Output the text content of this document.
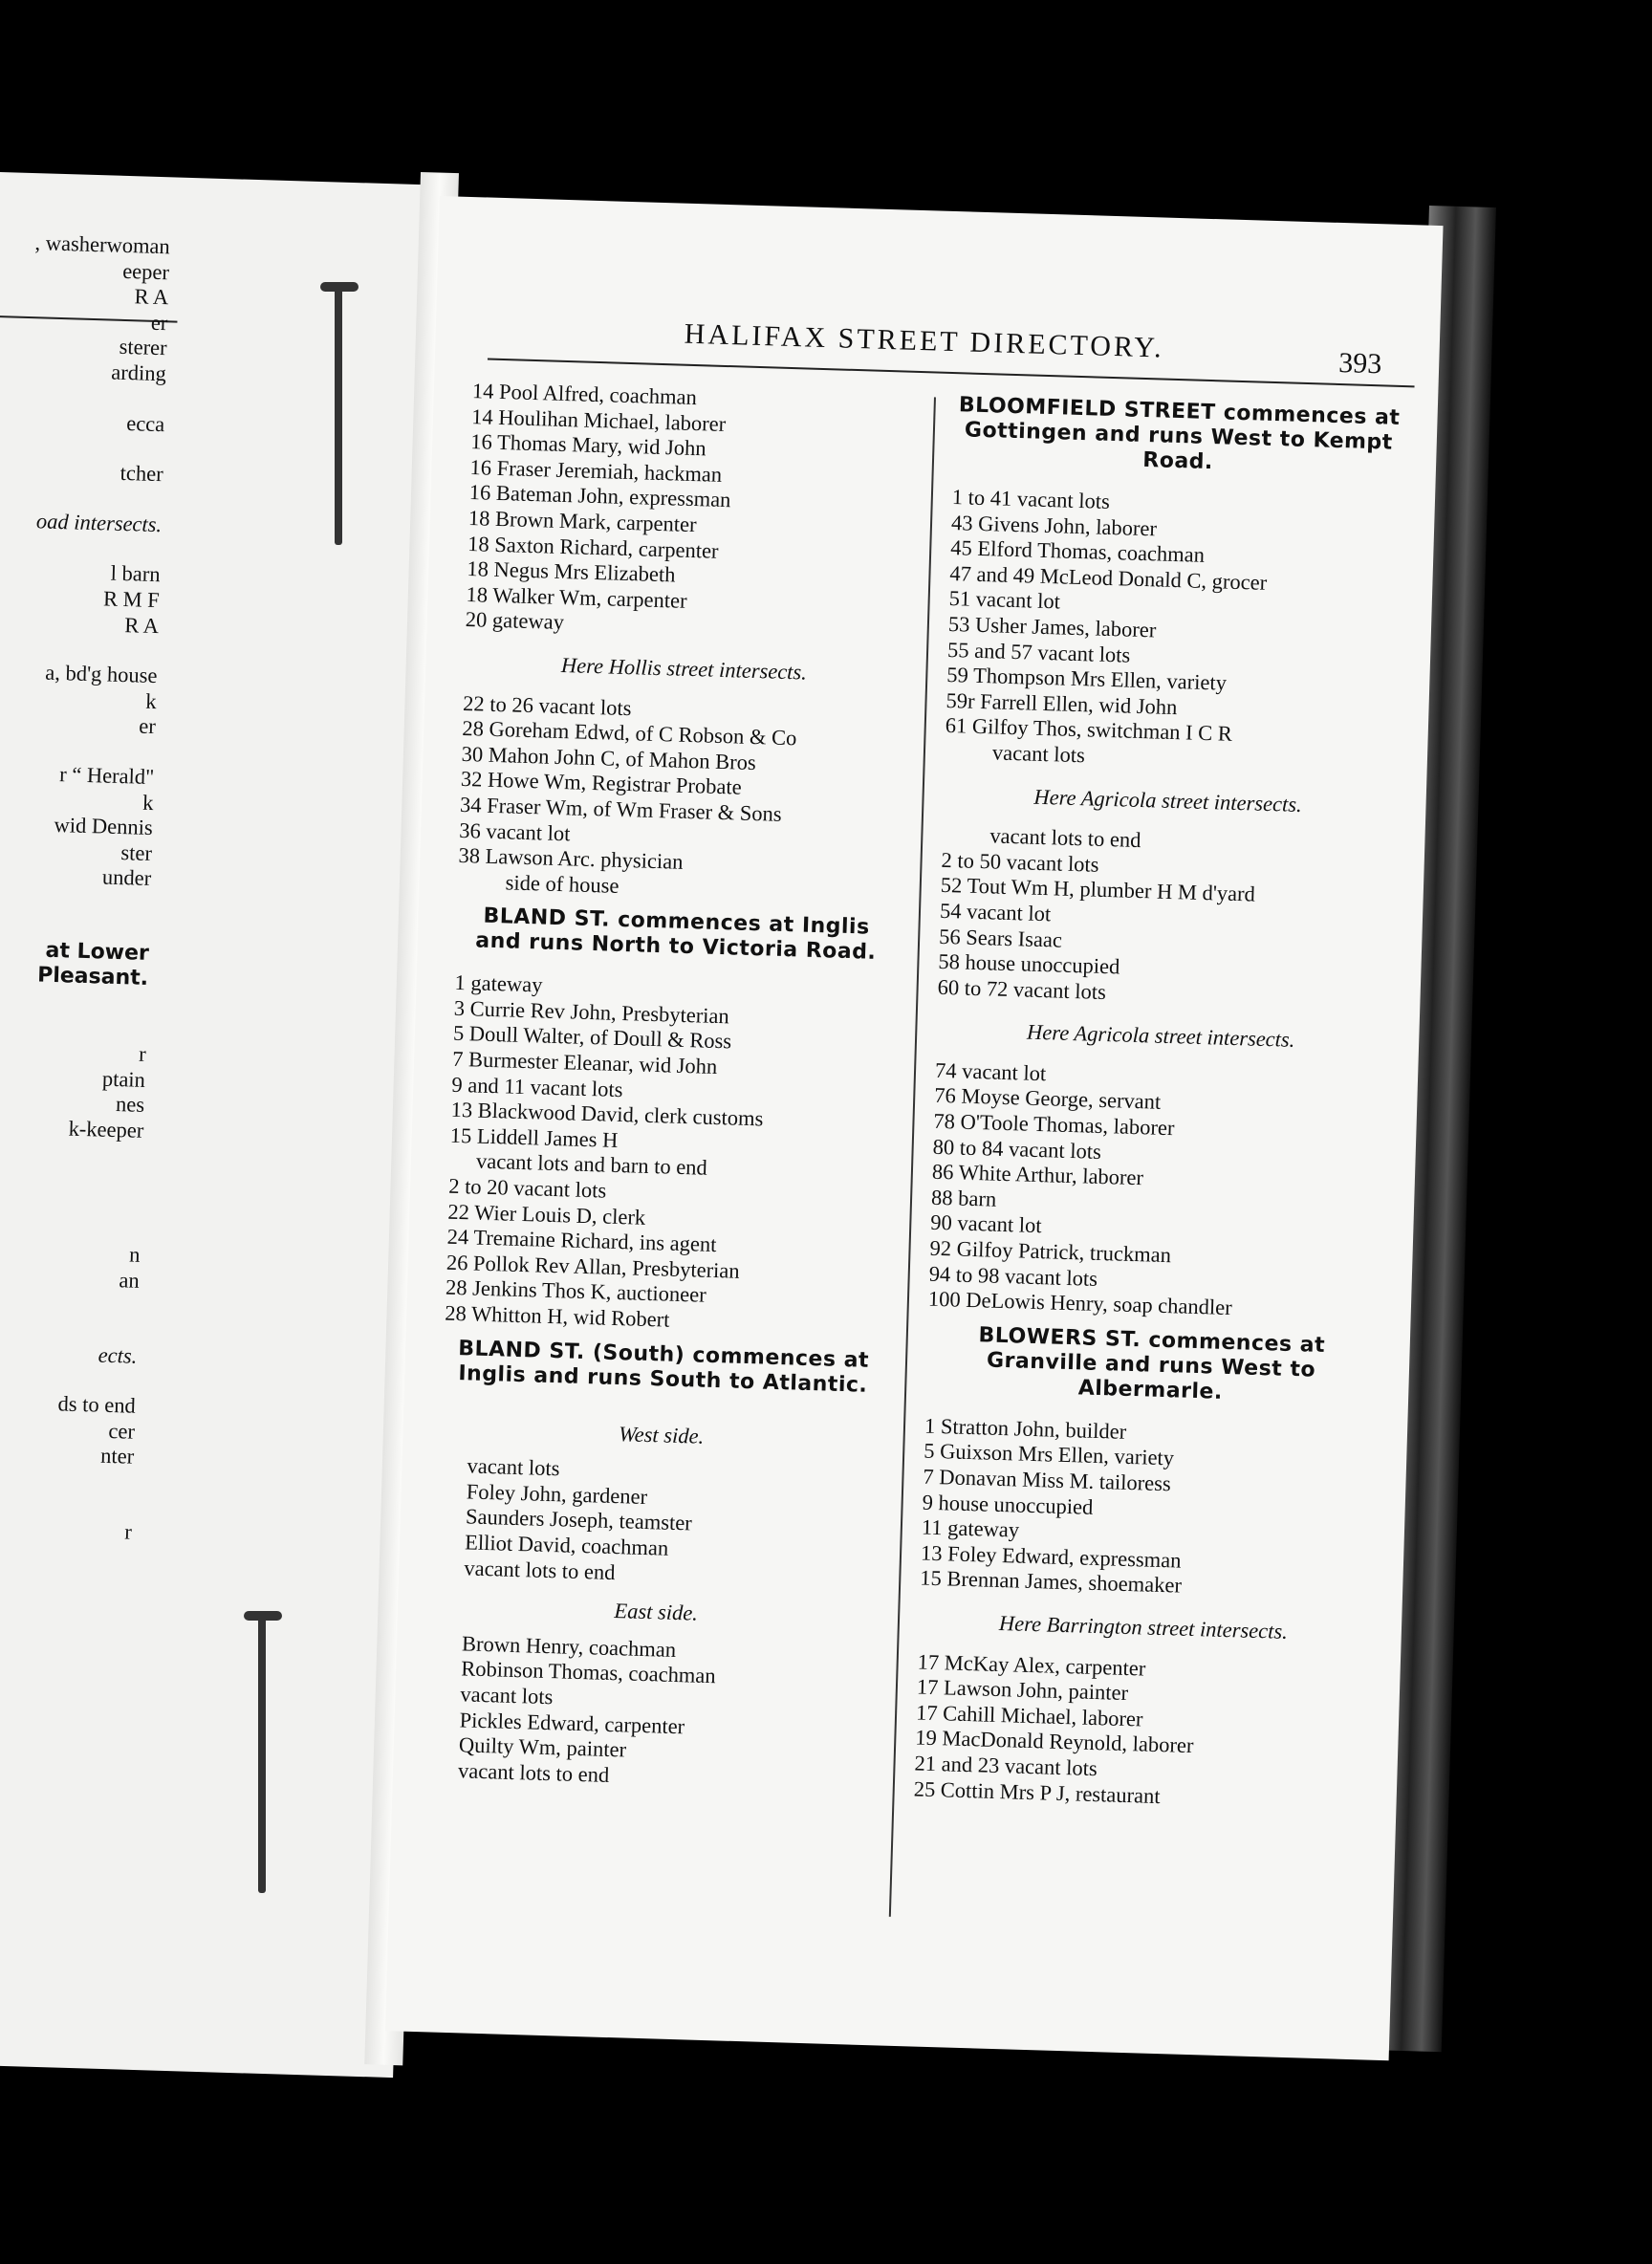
, washerwoman
eeper
R A
er
sterer
arding
ecca
tcher
oad intersects.
l barn
R M F
R A
a, bd'g house
k
er
r “ Herald"
k
wid Dennis
ster
under
at Lower
Pleasant.
r
ptain
nes
k-keeper
n
an
ects.
ds to end
cer
nter
r
HALIFAX STREET DIRECTORY.	393
14 Pool Alfred, coachman
14 Houlihan Michael, laborer
16 Thomas Mary, wid John
16 Fraser Jeremiah, hackman
16 Bateman John, expressman
18 Brown Mark, carpenter
18 Saxton Richard, carpenter
18 Negus Mrs Elizabeth
18 Walker Wm, carpenter
20 gateway
Here Hollis street intersects.
22 to 26 vacant lots
28 Goreham Edwd, of C Robson & Co
30 Mahon John C, of Mahon Bros
32 Howe Wm, Registrar Probate
34 Fraser Wm, of Wm Fraser & Sons
36 vacant lot
38 Lawson Arc. physician
side of house
BLAND ST. commences at Inglis and runs North to Victoria Road.
1 gateway
3 Currie Rev John, Presbyterian
5 Doull Walter, of Doull & Ross
7 Burmester Eleanar, wid John
9 and 11 vacant lots
13 Blackwood David, clerk customs
15 Liddell James H
vacant lots and barn to end
2 to 20 vacant lots
22 Wier Louis D, clerk
24 Tremaine Richard, ins agent
26 Pollok Rev Allan, Presbyterian
28 Jenkins Thos K, auctioneer
28 Whitton H, wid Robert
BLAND ST. (South) commences at Inglis and runs South to Atlantic.
West side.
vacant lots
Foley John, gardener
Saunders Joseph, teamster
Elliot David, coachman
vacant lots to end
East side.
Brown Henry, coachman
Robinson Thomas, coachman
vacant lots
Pickles Edward, carpenter
Quilty Wm, painter
vacant lots to end
BLOOMFIELD STREET commences at Gottingen and runs West to Kempt Road.
1 to 41 vacant lots
43 Givens John, laborer
45 Elford Thomas, coachman
47 and 49 McLeod Donald C, grocer
51 vacant lot
53 Usher James, laborer
55 and 57 vacant lots
59 Thompson Mrs Ellen, variety
59r Farrell Ellen, wid John
61 Gilfoy Thos, switchman I C R
vacant lots
Here Agricola street intersects.
vacant lots to end
2 to 50 vacant lots
52 Tout Wm H, plumber H M d'yard
54 vacant lot
56 Sears Isaac
58 house unoccupied
60 to 72 vacant lots
Here Agricola street intersects.
74 vacant lot
76 Moyse George, servant
78 O'Toole Thomas, laborer
80 to 84 vacant lots
86 White Arthur, laborer
88 barn
90 vacant lot
92 Gilfoy Patrick, truckman
94 to 98 vacant lots
100 DeLowis Henry, soap chandler
BLOWERS ST. commences at Granville and runs West to Albermarle.
1 Stratton John, builder
5 Guixson Mrs Ellen, variety
7 Donavan Miss M. tailoress
9 house unoccupied
11 gateway
13 Foley Edward, expressman
15 Brennan James, shoemaker
Here Barrington street intersects.
17 McKay Alex, carpenter
17 Lawson John, painter
17 Cahill Michael, laborer
19 MacDonald Reynold, laborer
21 and 23 vacant lots
25 Cottin Mrs P J, restaurant
